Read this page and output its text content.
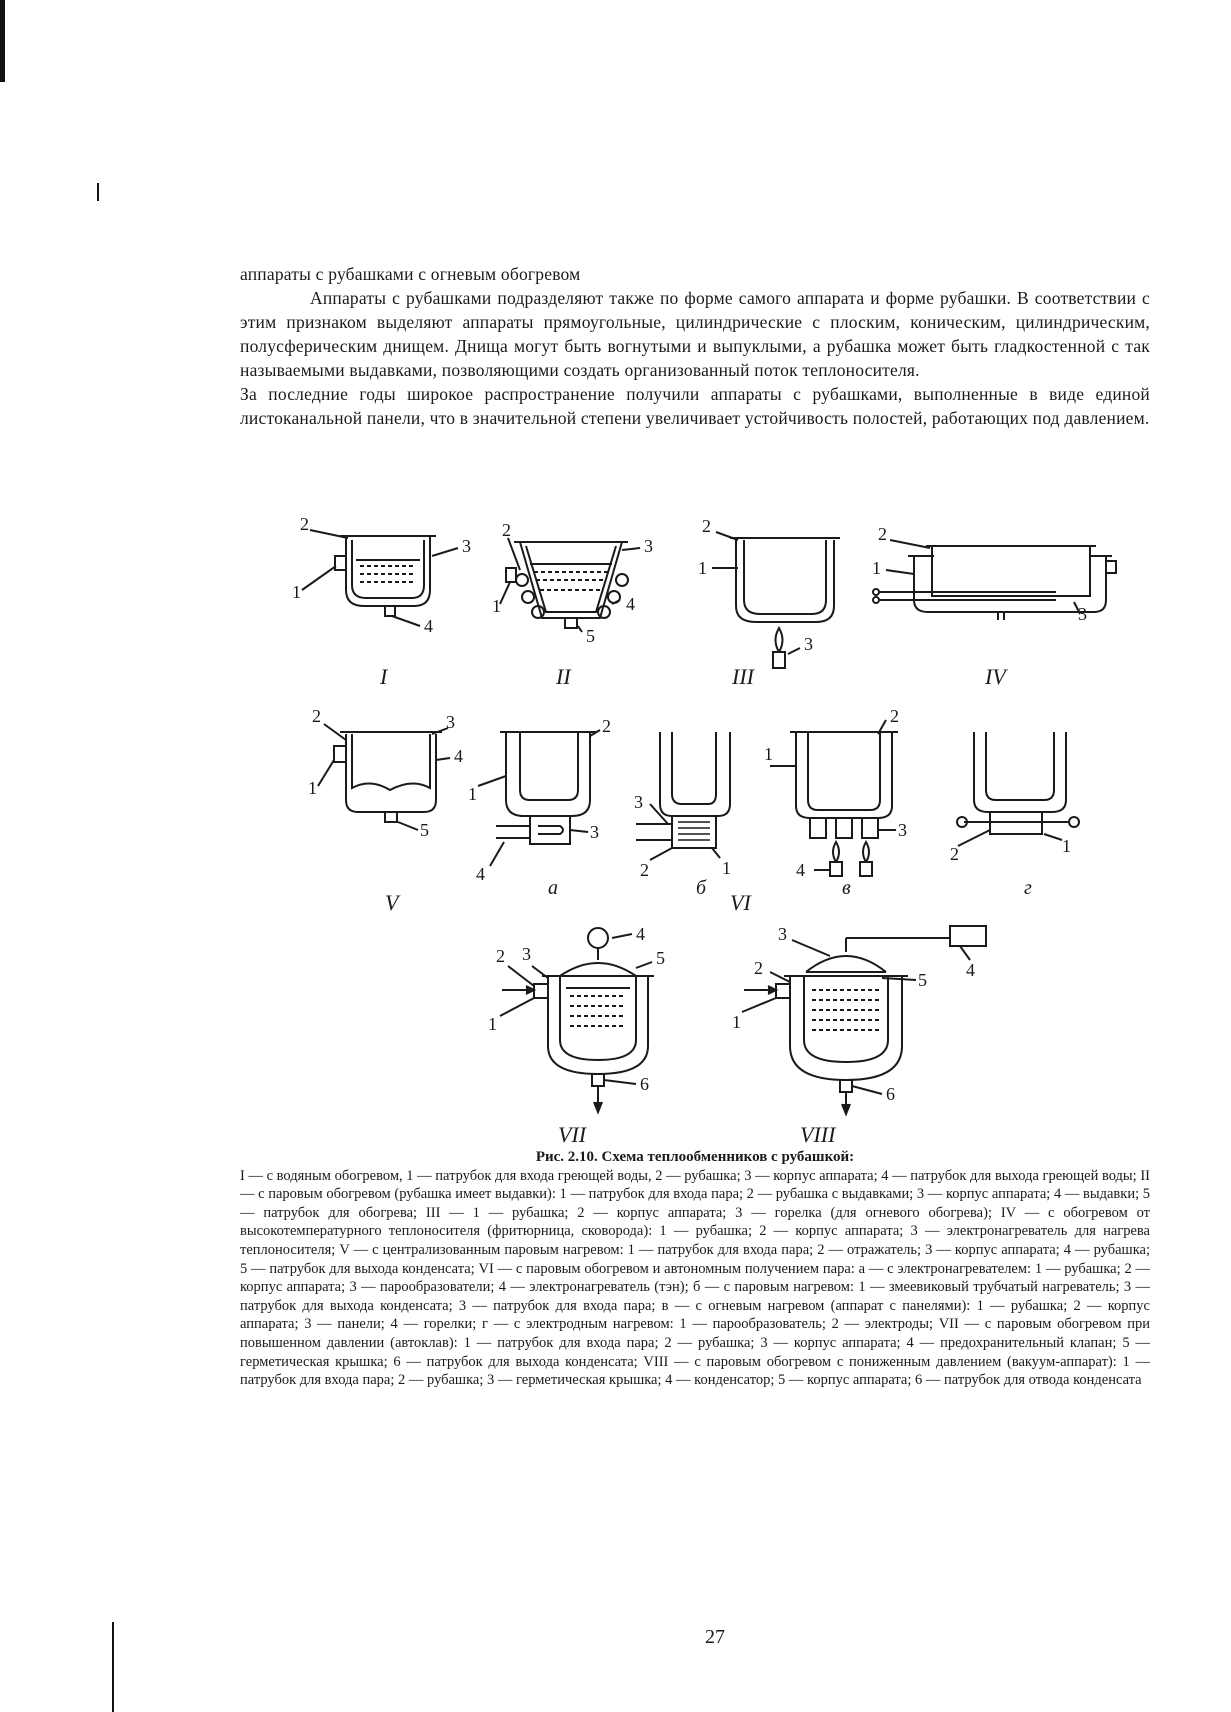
аппараты с рубашками с огневым обогревом

Аппараты с рубашками подразделяют также по форме самого аппарата и форме рубашки. В соответствии с этим признаком выделяют аппараты прямоугольные, цилиндрические с плоским, коническим, цилиндрическим, полусферическим днищем. Днища могут быть вогнутыми и выпуклыми, а рубашка может быть гладкостенной с так называемыми выдавками, позволяющими создать организованный поток теплоносителя.

За последние годы широкое распространение получили аппараты с рубашками, выполненные в виде единой листоканальной панели, что в значительной степени увеличивает устойчивость полостей, работающих под давлением.

I
2
1
3
4
II
2
1
3
4
5
III
2
1
3
IV
2
1
3
V
2
1
3
4
5
2
1
3
4
а
3
2	1
б
2
1
3
4
в
2	1
г
VI
2 3
4
5
1
6
VII
3
2	4
5
1
6
VIII
Рис. 2.10. Схема теплообменников с рубашкой:
I — с водяным обогревом, 1 — патрубок для входа греющей воды, 2 — рубашка; 3 — корпус аппарата; 4 — патрубок для выхода греющей воды; II — с паровым обогревом (рубашка имеет выдавки): 1 — патрубок для входа пара; 2 — рубашка с выдавками; 3 — корпус аппарата; 4 — выдавки; 5 — патрубок для обогрева; III — 1 — рубашка; 2 — корпус аппарата; 3 — горелка (для огневого обогрева); IV — с обогревом от высокотемпературного теплоносителя (фритюрница, сковорода): 1 — рубашка; 2 — корпус аппарата; 3 — электронагреватель для нагрева теплоносителя; V — с централизованным паровым нагревом: 1 — патрубок для входа пара; 2 — отражатель; 3 — корпус аппарата; 4 — рубашка; 5 — патрубок для выхода конденсата; VI — с паровым обогревом и автономным получением пара: а — с электронагревателем: 1 — рубашка; 2 — корпус аппарата; 3 — парообразователи; 4 — электронагреватель (тэн); б — с паровым нагревом: 1 — змеевиковый трубчатый нагреватель; 3 — патрубок для выхода конденсата; 3 — патрубок для входа пара; в — с огневым нагревом (аппарат с панелями): 1 — рубашка; 2 — корпус аппарата; 3 — панели; 4 — горелки; г — с электродным нагревом: 1 — парообразователь; 2 — электроды; VII — с паровым обогревом при повышенном давлении (автоклав): 1 — патрубок для входа пара; 2 — рубашка; 3 — корпус аппарата; 4 — предохранительный клапан; 5 — герметическая крышка; 6 — патрубок для выхода конденсата; VIII — с паровым обогревом с пониженным давлением (вакуум-аппарат): 1 — патрубок для входа пара; 2 — рубашка; 3 — герметическая крышка; 4 — конденсатор; 5 — корпус аппарата; 6 — патрубок для отвода конденсата
27
